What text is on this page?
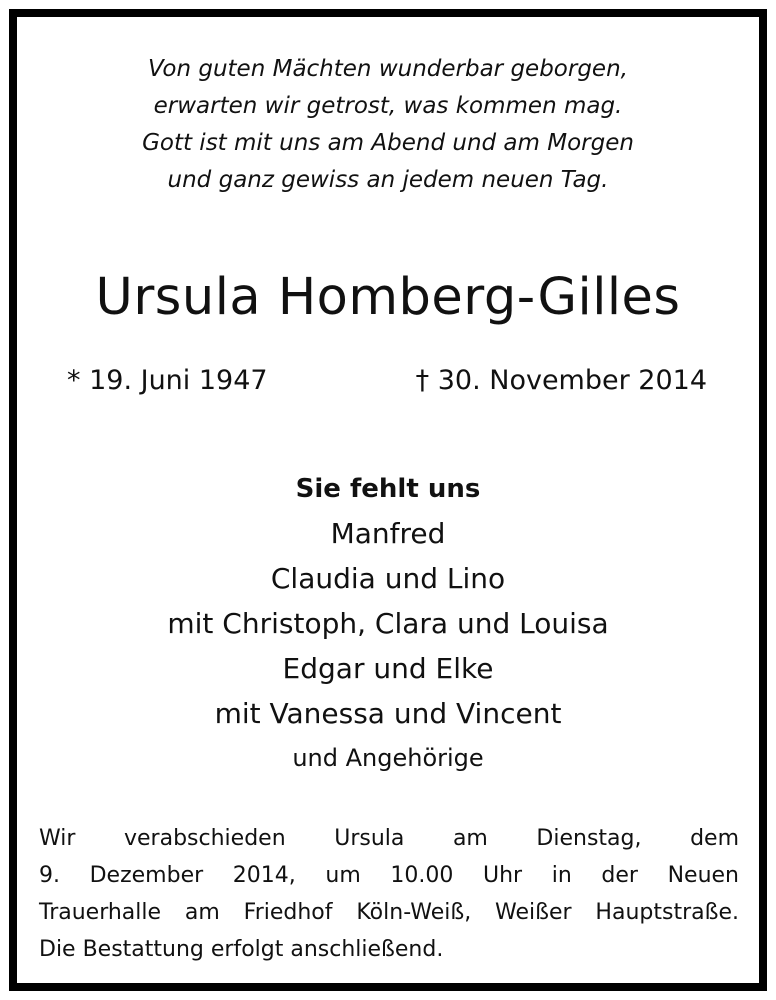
Von guten Mächten wunderbar geborgen,
erwarten wir getrost, was kommen mag.
Gott ist mit uns am Abend und am Morgen
und ganz gewiss an jedem neuen Tag.

Ursula Homberg-Gilles

* 19. Juni 1947	† 30. November 2014

Sie fehlt uns
Manfred
Claudia und Lino
mit Christoph, Clara und Louisa
Edgar und Elke
mit Vanessa und Vincent
und Angehörige

Wir verabschieden Ursula am Dienstag, dem
9. Dezember 2014, um 10.00 Uhr in der Neuen
Trauerhalle am Friedhof Köln-Weiß, Weißer Hauptstraße.
Die Bestattung erfolgt anschließend.
